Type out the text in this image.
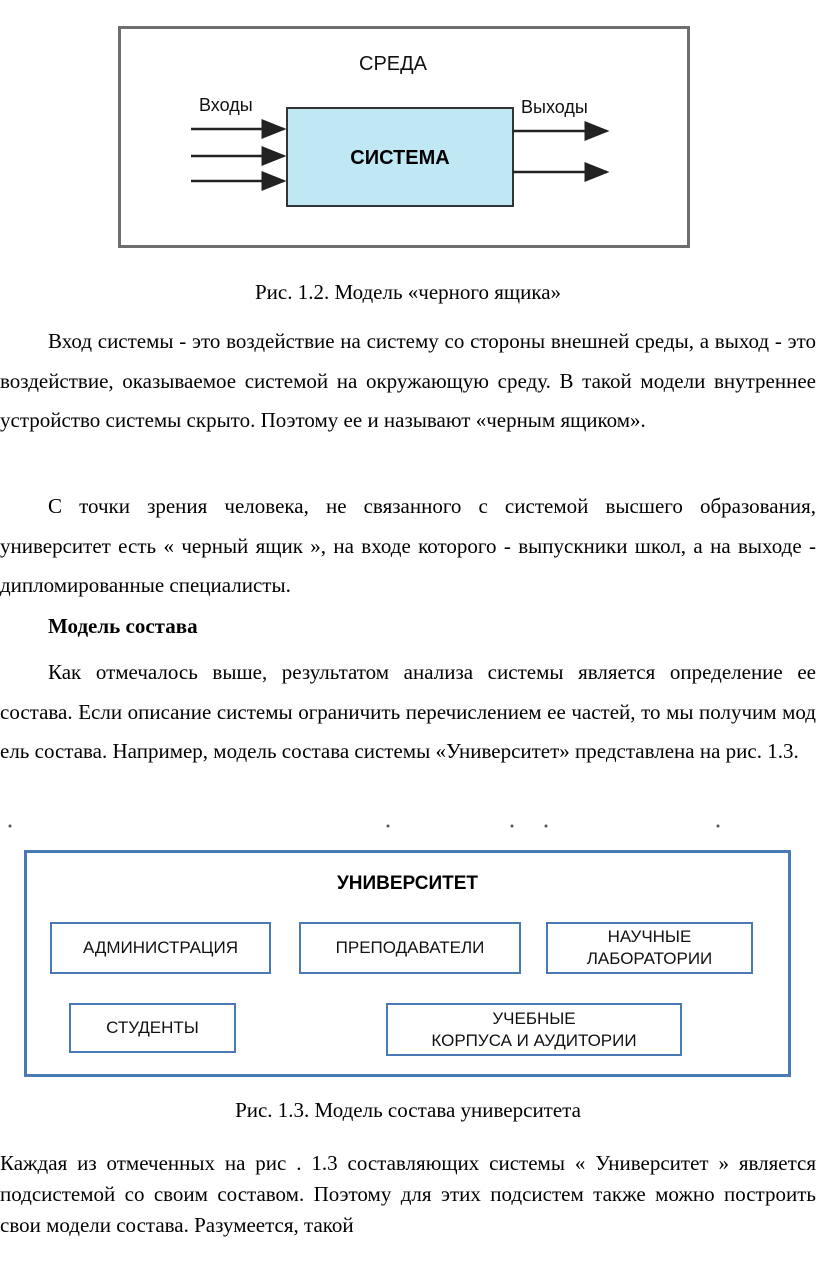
СРЕДА
Входы	Выходы
СИСТЕМА
Рис. 1.2. Модель «черного ящика»

Вход системы - это воздействие на систему со стороны внешней среды, а выход - это воздействие, оказываемое системой на окружающую среду. В такой модели внутреннее устройство системы скрыто. Поэтому ее и называют «черным ящиком».

С точки зрения человека, не связанного с системой высшего образования, университет есть « черный ящик », на входе которого - выпускники школ, а на выходе - дипломированные специалисты.

Модель состава

Как отмечалось выше, результатом анализа системы является определение ее состава. Если описание системы ограничить перечислением ее частей, то мы получим мод ель состава. Например, модель состава системы «Университет» представлена на рис. 1.3.

УНИВЕРСИТЕТ
АДМИНИСТРАЦИЯ	ПРЕПОДАВАТЕЛИ
НАУЧНЫЕ
ЛАБОРАТОРИИ
СТУДЕНТЫ	УЧЕБНЫЕ
КОРПУСА И АУДИТОРИИ
Рис. 1.3. Модель состава университета

Каждая из отмеченных на рис . 1.3 составляющих системы « Университет » является подсистемой со своим составом. Поэтому для этих подсистем также можно построить свои модели состава. Разумеется, такой
